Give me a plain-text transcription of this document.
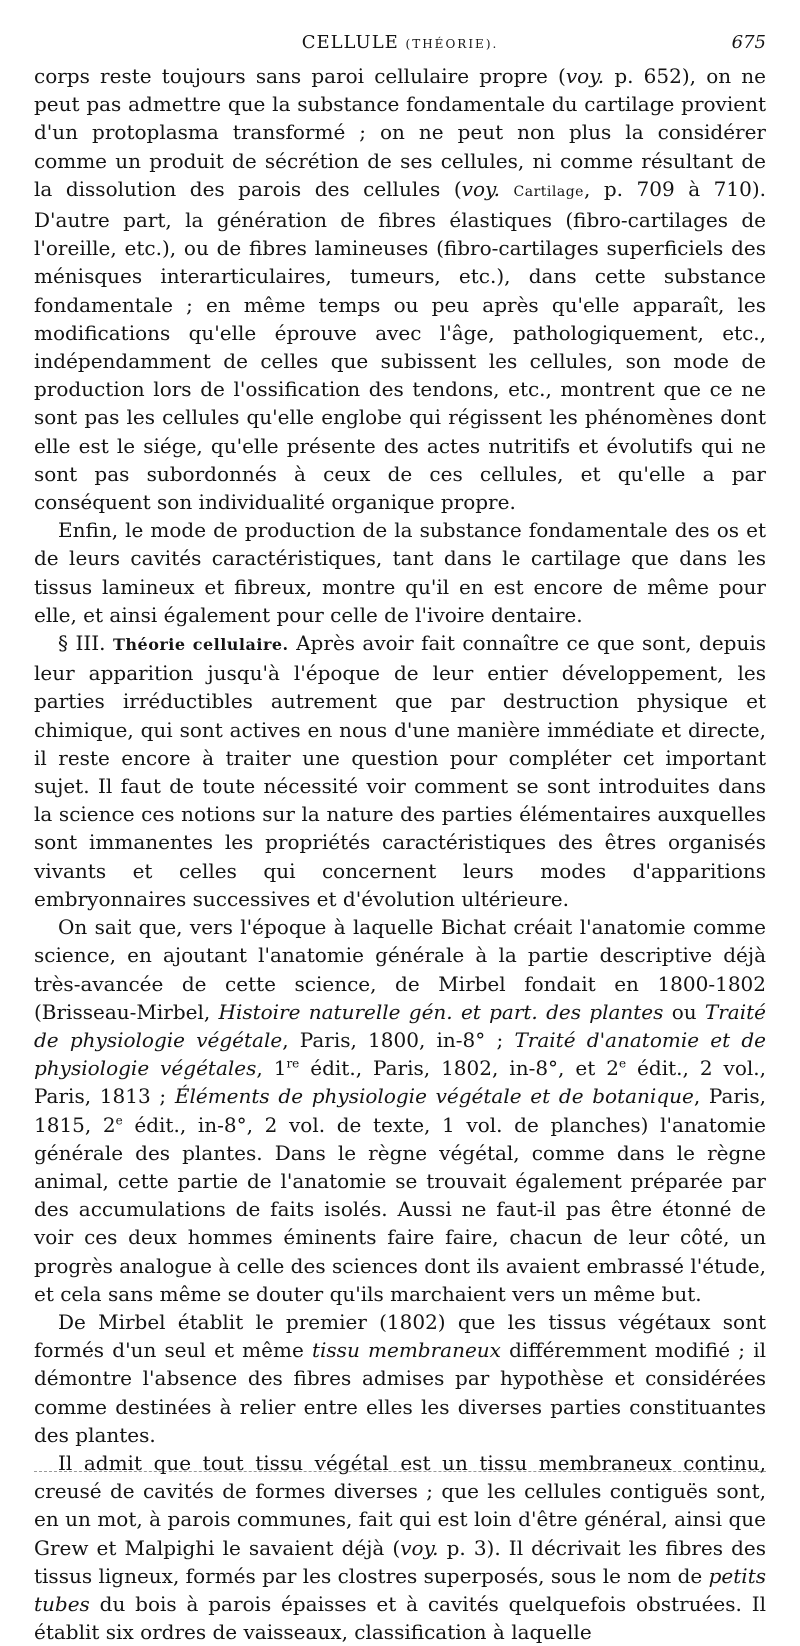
CELLULE (THÉORIE).	675

corps reste toujours sans paroi cellulaire propre (voy. p. 652), on ne peut pas admettre que la substance fondamentale du cartilage provient d'un protoplasma transformé ; on ne peut non plus la considérer comme un produit de sécrétion de ses cellules, ni comme résultant de la dissolution des parois des cellules (voy. Cartilage, p. 709 à 710). D'autre part, la génération de fibres élastiques (fibro-cartilages de l'oreille, etc.), ou de fibres lamineuses (fibro-cartilages superficiels des ménisques interarticulaires, tumeurs, etc.), dans cette substance fondamentale ; en même temps ou peu après qu'elle apparaît, les modifications qu'elle éprouve avec l'âge, pathologiquement, etc., indépendamment de celles que subissent les cellules, son mode de production lors de l'ossification des tendons, etc., montrent que ce ne sont pas les cellules qu'elle englobe qui régissent les phénomènes dont elle est le siége, qu'elle présente des actes nutritifs et évolutifs qui ne sont pas subordonnés à ceux de ces cellules, et qu'elle a par conséquent son individualité organique propre.

Enfin, le mode de production de la substance fondamentale des os et de leurs cavités caractéristiques, tant dans le cartilage que dans les tissus lamineux et fibreux, montre qu'il en est encore de même pour elle, et ainsi également pour celle de l'ivoire dentaire.

§ III. Théorie cellulaire. Après avoir fait connaître ce que sont, depuis leur apparition jusqu'à l'époque de leur entier développement, les parties irréductibles autrement que par destruction physique et chimique, qui sont actives en nous d'une manière immédiate et directe, il reste encore à traiter une question pour compléter cet important sujet. Il faut de toute nécessité voir comment se sont introduites dans la science ces notions sur la nature des parties élémentaires auxquelles sont immanentes les propriétés caractéristiques des êtres organisés vivants et celles qui concernent leurs modes d'apparitions embryonnaires successives et d'évolution ultérieure.

On sait que, vers l'époque à laquelle Bichat créait l'anatomie comme science, en ajoutant l'anatomie générale à la partie descriptive déjà très-avancée de cette science, de Mirbel fondait en 1800-1802 (Brisseau-Mirbel, Histoire naturelle gén. et part. des plantes ou Traité de physiologie végétale, Paris, 1800, in-8° ; Traité d'anatomie et de physiologie végétales, 1re édit., Paris, 1802, in-8°, et 2e édit., 2 vol., Paris, 1813 ; Éléments de physiologie végétale et de botanique, Paris, 1815, 2e édit., in-8°, 2 vol. de texte, 1 vol. de planches) l'anatomie générale des plantes. Dans le règne végétal, comme dans le règne animal, cette partie de l'anatomie se trouvait également préparée par des accumulations de faits isolés. Aussi ne faut-il pas être étonné de voir ces deux hommes éminents faire faire, chacun de leur côté, un progrès analogue à celle des sciences dont ils avaient embrassé l'étude, et cela sans même se douter qu'ils marchaient vers un même but.

De Mirbel établit le premier (1802) que les tissus végétaux sont formés d'un seul et même tissu membraneux différemment modifié ; il démontre l'absence des fibres admises par hypothèse et considérées comme destinées à relier entre elles les diverses parties constituantes des plantes.

Il admit que tout tissu végétal est un tissu membraneux continu, creusé de cavités de formes diverses ; que les cellules contiguës sont, en un mot, à parois communes, fait qui est loin d'être général, ainsi que Grew et Malpighi le savaient déjà (voy. p. 3). Il décrivait les fibres des tissus ligneux, formés par les clostres superposés, sous le nom de petits tubes du bois à parois épaisses et à cavités quelquefois obstruées. Il établit six ordres de vaisseaux, classification à laquelle
